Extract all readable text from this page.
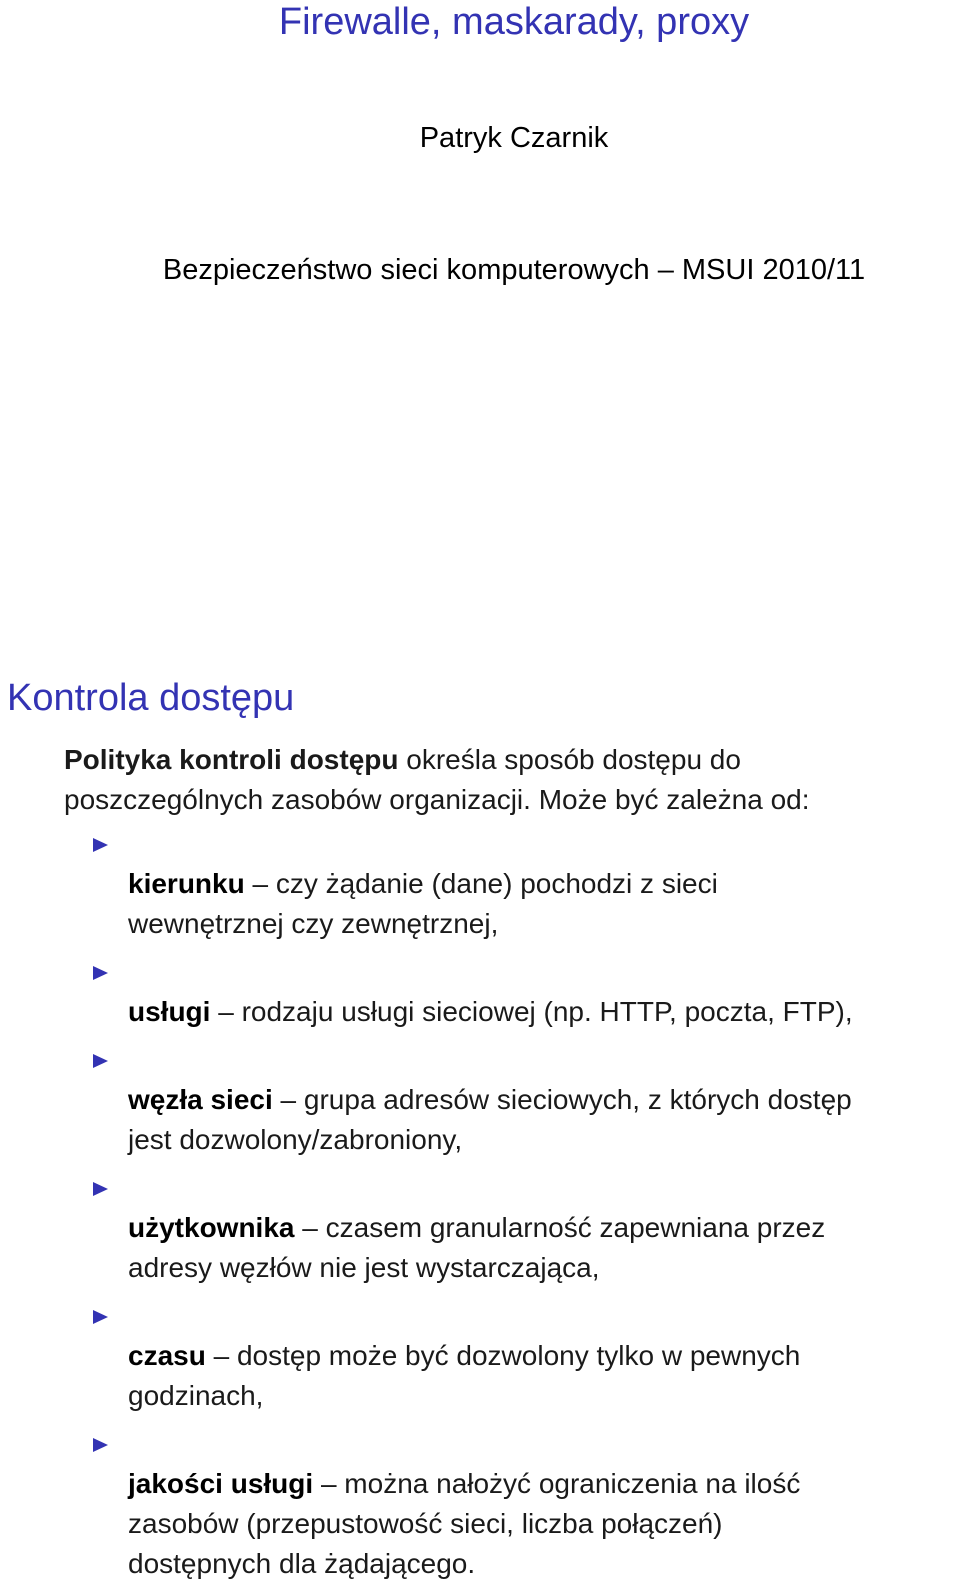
Firewalle, maskarady, proxy
Patryk Czarnik
Bezpieczeństwo sieci komputerowych – MSUI 2010/11
Kontrola dostępu
Polityka kontroli dostępu określa sposób dostępu do
poszczególnych zasobów organizacji. Może być zależna od:

kierunku – czy żądanie (dane) pochodzi z sieci
wewnętrznej czy zewnętrznej,

usługi – rodzaju usługi sieciowej (np. HTTP, poczta, FTP),

węzła sieci – grupa adresów sieciowych, z których dostęp
jest dozwolony/zabroniony,

użytkownika – czasem granularność zapewniana przez
adresy węzłów nie jest wystarczająca,

czasu – dostęp może być dozwolony tylko w pewnych
godzinach,

jakości usługi – można nałożyć ograniczenia na ilość
zasobów (przepustowość sieci, liczba połączeń)
dostępnych dla żądającego.
